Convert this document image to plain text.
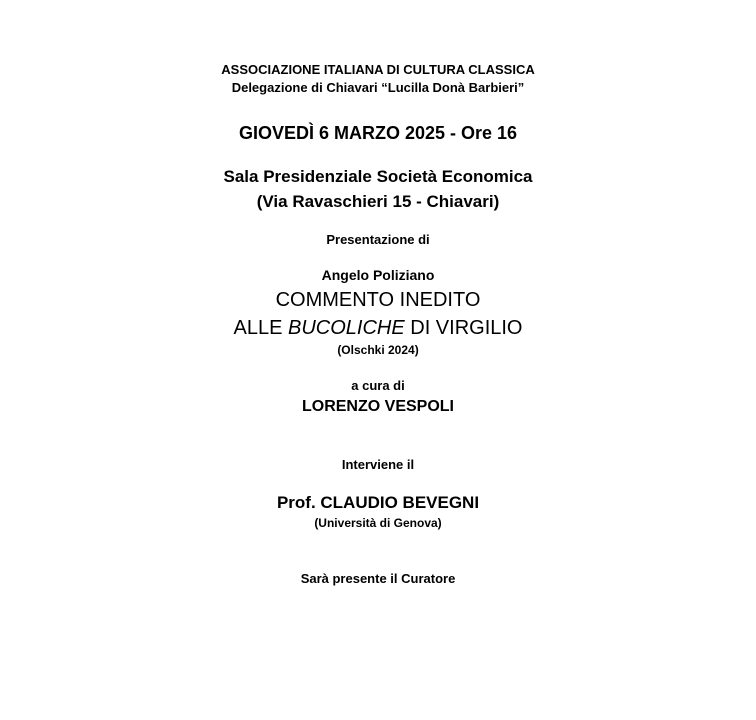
ASSOCIAZIONE ITALIANA DI CULTURA CLASSICA
Delegazione di Chiavari “Lucilla Donà Barbieri”
GIOVEDÌ 6 MARZO 2025 - Ore 16
Sala Presidenziale Società Economica
(Via Ravaschieri 15 - Chiavari)
Presentazione di
Angelo Poliziano
COMMENTO INEDITO
ALLE BUCOLICHE DI VIRGILIO
(Olschki 2024)
a cura di
LORENZO VESPOLI
Interviene il
Prof. CLAUDIO BEVEGNI
(Università di Genova)
Sarà presente il Curatore
